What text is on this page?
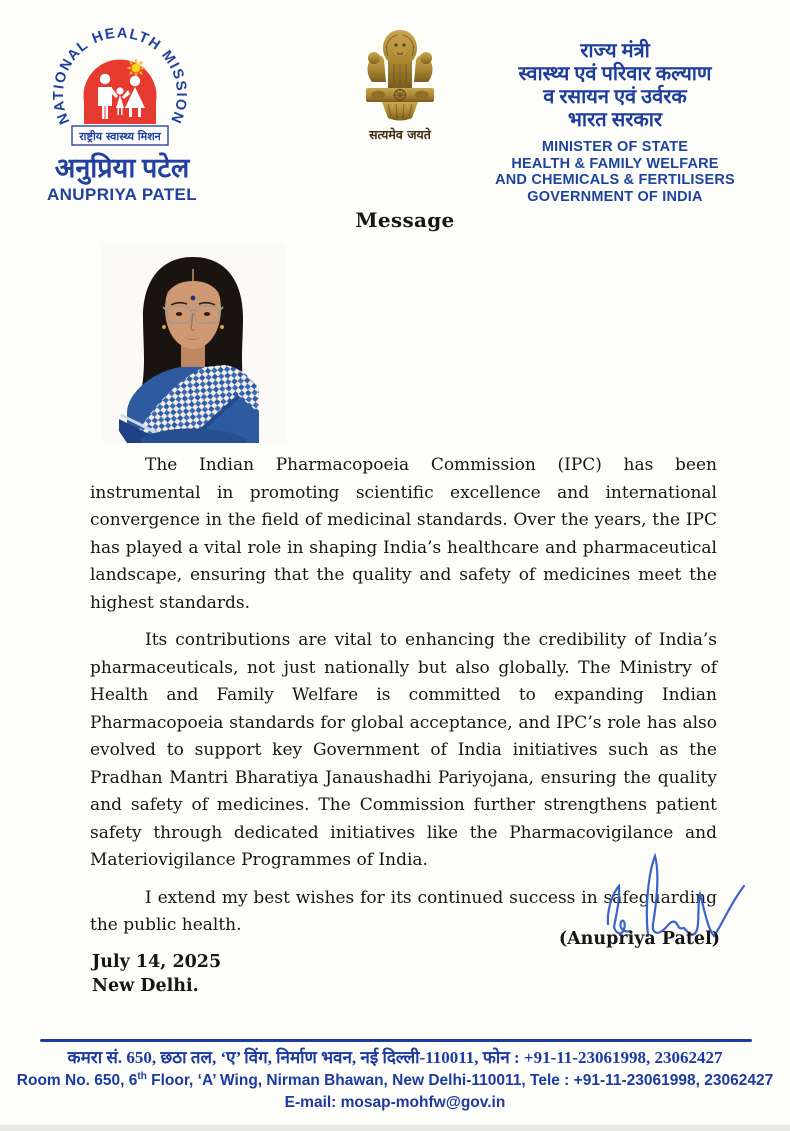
NATIONAL HEALTH MISSION
राष्ट्रीय स्वास्थ्य मिशन
अनुप्रिया पटेल
ANUPRIYA PATEL
सत्यमेव जयते
राज्य मंत्री
स्वास्थ्य एवं परिवार कल्याण
व रसायन एवं उर्वरक
भारत सरकार
MINISTER OF STATE
HEALTH & FAMILY WELFARE
AND CHEMICALS & FERTILISERS
GOVERNMENT OF INDIA
Message

The Indian Pharmacopoeia Commission (IPC) has been instrumental in promoting scientific excellence and international convergence in the field of medicinal standards. Over the years, the IPC has played a vital role in shaping India’s healthcare and pharmaceutical landscape, ensuring that the quality and safety of medicines meet the highest standards.

Its contributions are vital to enhancing the credibility of India’s pharmaceuticals, not just nationally but also globally. The Ministry of Health and Family Welfare is committed to expanding Indian Pharmacopoeia standards for global acceptance, and IPC’s role has also evolved to support key Government of India initiatives such as the Pradhan Mantri Bharatiya Janaushadhi Pariyojana, ensuring the quality and safety of medicines. The Commission further strengthens patient safety through dedicated initiatives like the Pharmacovigilance and Materiovigilance Programmes of India.

I extend my best wishes for its continued success in safeguarding the public health.

(Anupriya Patel)
July 14, 2025
New Delhi.
कमरा सं. 650, छठा तल, ‘ए’ विंग, निर्माण भवन, नई दिल्ली-110011, फोन : +91-11-23061998, 23062427
Room No. 650, 6th Floor, ‘A’ Wing, Nirman Bhawan, New Delhi-110011, Tele : +91-11-23061998, 23062427
E-mail: mosap-mohfw@gov.in
